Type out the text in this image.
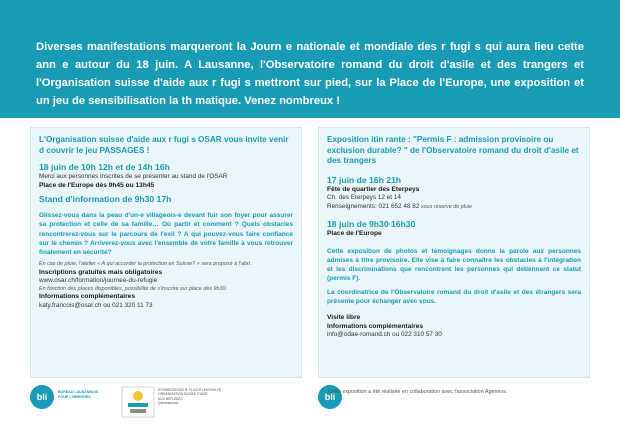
Diverses manifestations marqueront la Journ e nationale et mondiale des r fugi s qui aura lieu cette ann e autour du 18 juin. A Lausanne, l'Observatoire romand du droit d'asile et des trangers et l'Organisation suisse d'aide aux r fugi s mettront sur pied, sur la Place de l'Europe, une exposition et un jeu de sensibilisation la th matique. Venez nombreux !

L'Organisation suisse d'aide aux r fugi s OSAR vous invite venir d couvrir le jeu PASSAGES !

18 juin de 10h 12h et de 14h 16h

Merci aux personnes inscrites de se présenter au stand de l'OSAR

Place de l'Europe dès 9h45 ou 13h45

Stand d'information de 9h30 17h

Glissez-vous dans la peau d'un-e villageois-e devant fuir son foyer pour assurer sa protection et celle de sa famille… Où partir et comment ? Quels obstacles rencontrerez-vous sur le parcours de l'exil ? A qui pouvez-vous faire confiance sur le chemin ? Arriverez-vous avec l'ensemble de votre famille à vous retrouver finalement en sécurité?

En cas de pluie, l'atelier « A qui accorder la protection en Suisse? » sera proposé à l'abri.

Inscriptions gratuites mais obligatoires

www.osar.ch/formation/journee-du-refugie

En fonction des places disponibles, possibilité de s'inscrire sur place dès 9h30.

Informations complémentaires

katy.francois@osar.ch ou 021 320 11 73

Exposition itin rante : "Permis F : admission provisoire ou exclusion durable? " de l'Observatoire romand du droit d'asile et des trangers

17 juin de 16h 21h

Fête de quartier des Eterpeys

Ch. des Eterpeys 12 et 14

Renseignements: 021 652 48 82 sous réserve de pluie

18 juin de 9h30 16h30

Place de l'Europe

Cette exposition de photos et témoignages donne la parole aux personnes admises à titre provisoire. Elle vise à faire connaître les obstacles à l'intégration et les discriminations que rencontrent les personnes qui détiennent ce statut (permis F).

La coordinatrice de l'Observatoire romand du droit d'asile et des étrangers sera présente pour échanger avec vous.

Visite libre

Informations complémentaires

info@odae-romand.ch ou 022 310 57 30

bli	BUREAU LAUSANNOIS
POUR L'IMMIGRÉS
SCHWEIZERISCHE FLÜCHTLINGSHILFE
ORGANISATION SUISSE D'AIDE
AUX RÉFUGIÉS
Quintessence
bli
Cette exposition a été réalisée en collaboration avec l'association Agenevs.
